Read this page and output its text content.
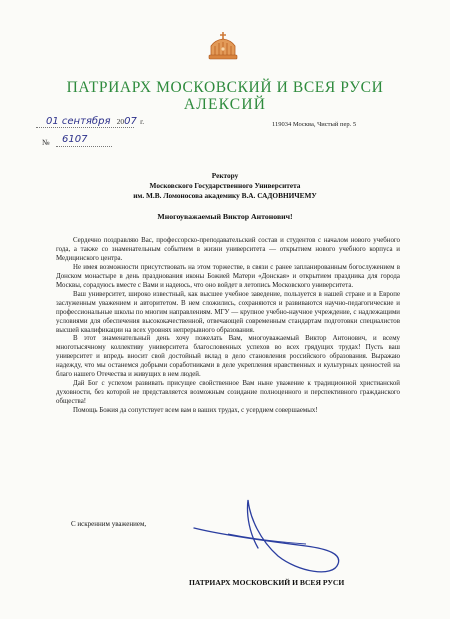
ПАТРИАРХ МОСКОВСКИЙ И ВСЕЯ РУСИ
АЛЕКСИЙ

01 сентября 2007 г.	119034 Москва, Чистый пер. 5
№ 6107
Ректору
Московского Государственного Университета
им. М.В. Ломоносова академику В.А. САДОВНИЧЕМУ
Многоуважаемый Виктор Антонович!

Сердечно поздравляю Вас, профессорско-преподавательский состав и студентов с началом нового учебного года, а также со знаменательным событием в жизни университета — открытием нового учебного корпуса и Медицинского центра.

Не имея возможности присутствовать на этом торжестве, в связи с ранее запланированным богослужением в Донском монастыре в день празднования иконы Божией Матери «Донская» и открытием праздника для города Москвы, сорадуюсь вместе с Вами и надеюсь, что оно войдет в летопись Московского университета.

Ваш университет, широко известный, как высшее учебное заведение, пользуется в нашей стране и в Европе заслуженным уважением и авторитетом. В нем сложились, сохраняются и развиваются научно-педагогические и профессиональные школы по многим направлениям. МГУ — крупное учебно-научное учреждение, с надлежащими условиями для обеспечения высококачественной, отвечающей современным стандартам подготовки специалистов высшей квалификации на всех уровнях непрерывного образования.

В этот знаменательный день хочу пожелать Вам, многоуважаемый Виктор Антонович, и всему многотысячному коллективу университета благословенных успехов во всех грядущих трудах! Пусть ваш университет и впредь вносит свой достойный вклад в дело становления российского образования. Выражаю надежду, что мы останемся добрыми соработниками в деле укрепления нравственных и культурных ценностей на благо нашего Отечества и живущих в нем людей.

Дай Бог с успехом развивать присущее свойственное Вам ныне уважение к традиционной христианской духовности, без которой не представляется возможным созидание полноценного и перспективного гражданского общества!

Помощь Божия да сопутствует всем вам в ваших трудах, с усердием совершаемых!

С искренним уважением,
ПАТРИАРХ МОСКОВСКИЙ И ВСЕЯ РУСИ
